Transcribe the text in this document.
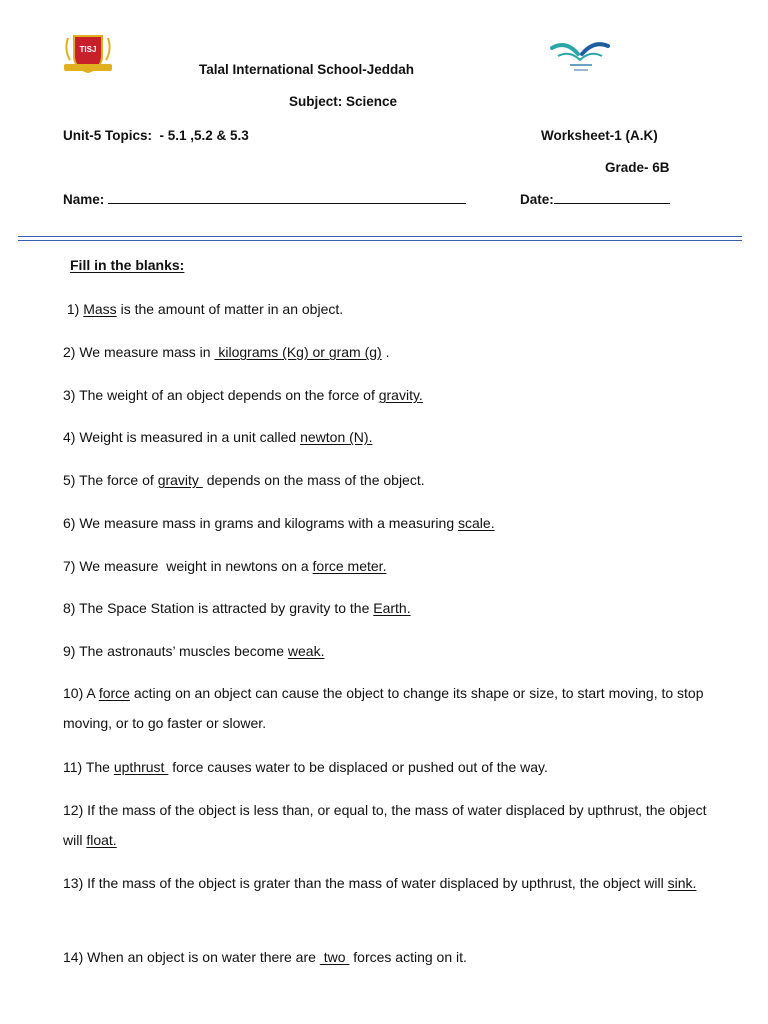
TISJ
Talal International School-Jeddah
Subject: Science
Unit-5 Topics:  - 5.1 ,5.2 & 5.3	Worksheet-1 (A.K)
Grade- 6B
Name:	Date:
Fill in the blanks:
1) Mass is the amount of matter in an object.
2) We measure mass in  kilograms (Kg) or gram (g) .
3) The weight of an object depends on the force of gravity.
4) Weight is measured in a unit called newton (N).
5) The force of gravity  depends on the mass of the object.
6) We measure mass in grams and kilograms with a measuring scale.
7) We measure  weight in newtons on a force meter.
8) The Space Station is attracted by gravity to the Earth.
9) The astronauts’ muscles become weak.
10) A force acting on an object can cause the object to change its shape or size, to start moving, to stop moving, or to go faster or slower.
11) The upthrust  force causes water to be displaced or pushed out of the way.
12) If the mass of the object is less than, or equal to, the mass of water displaced by upthrust, the object will float.
13) If the mass of the object is grater than the mass of water displaced by upthrust, the object will sink.
14) When an object is on water there are  two  forces acting on it.
